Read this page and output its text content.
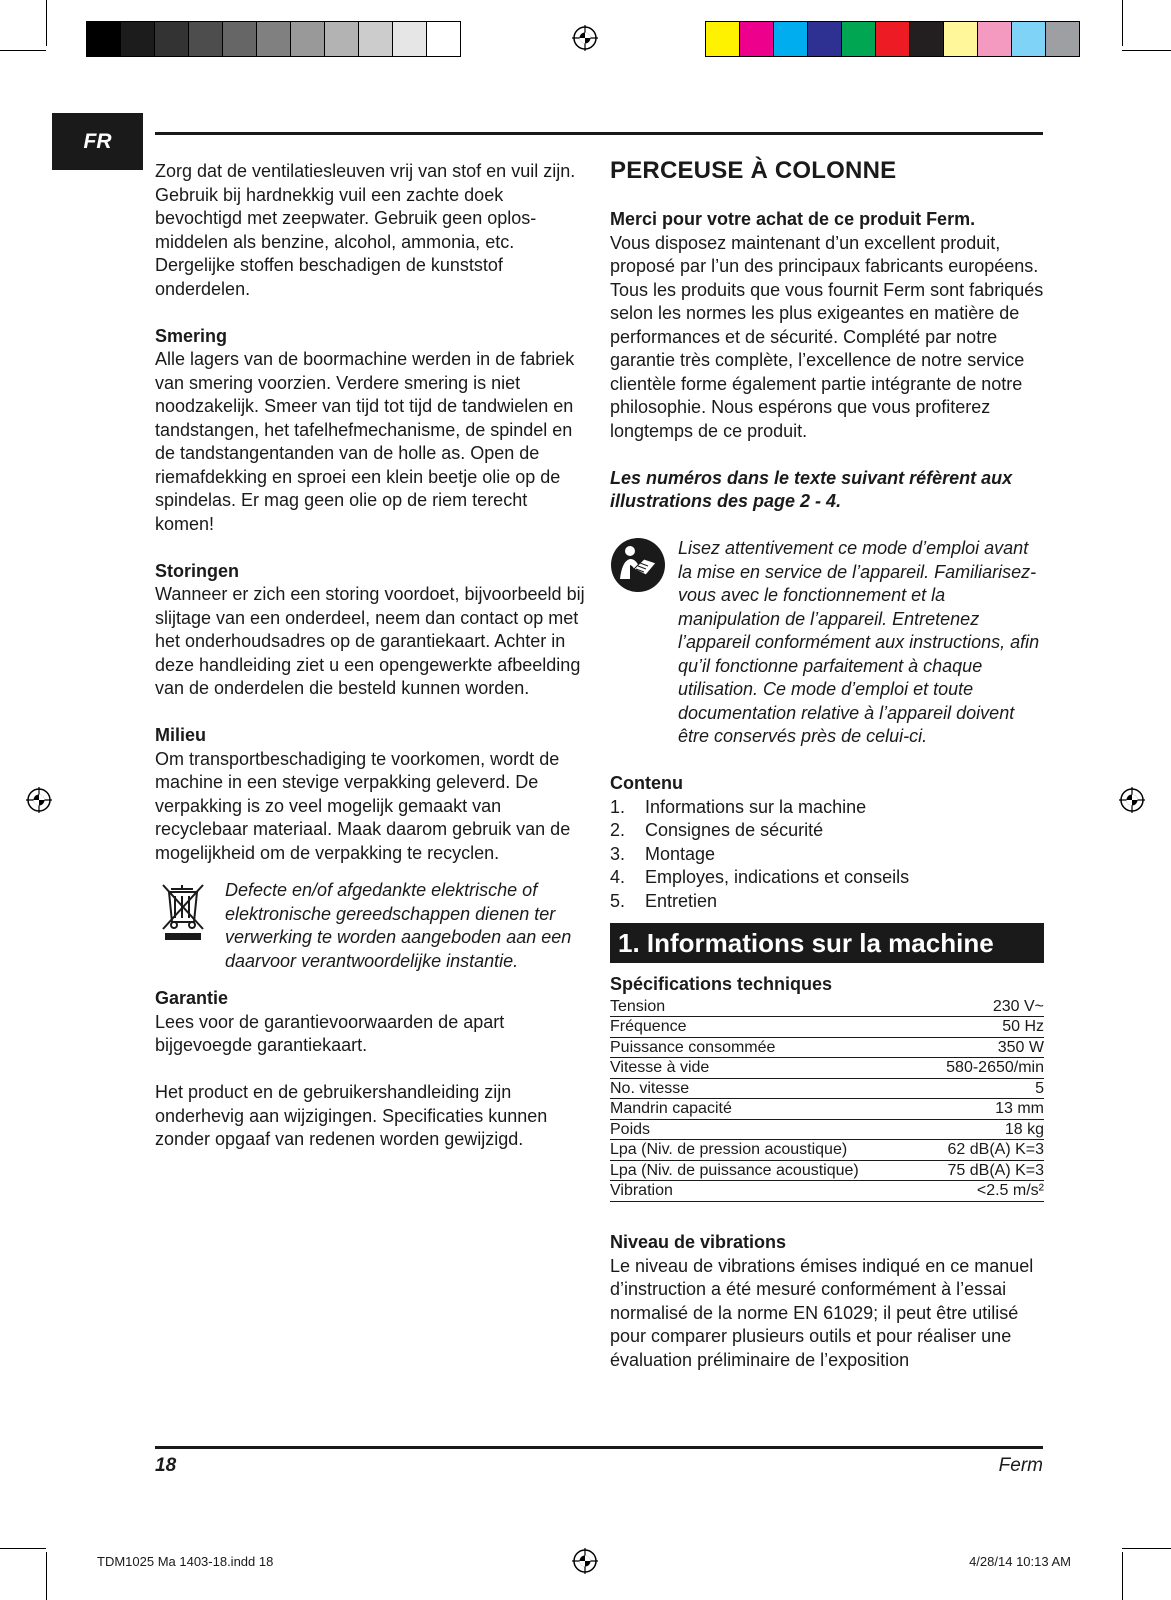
FR

Zorg dat de ventilatiesleuven vrij van stof en vuil zijn.

Gebruik bij hardnekkig vuil een zachte doek bevochtigd met zeepwater. Gebruik geen oplos-middelen als benzine, alcohol, ammonia, etc. Dergelijke stoffen beschadigen de kunststof onderdelen.

Smering

Alle lagers van de boormachine werden in de fabriek van smering voorzien. Verdere smering is niet noodzakelijk. Smeer van tijd tot tijd de tandwielen en tandstangen, het tafelhefmechanisme, de spindel en de tandstangentanden van de holle as. Open de riemafdekking en sproei een klein beetje olie op de spindelas. Er mag geen olie op de riem terecht komen!

Storingen

Wanneer er zich een storing voordoet, bijvoorbeeld bij slijtage van een onderdeel, neem dan contact op met het onderhoudsadres op de garantiekaart. Achter in deze handleiding ziet u een opengewerkte afbeelding van de onderdelen die besteld kunnen worden.

Milieu

Om transportbeschadiging te voorkomen, wordt de machine in een stevige verpakking geleverd. De verpakking is zo veel mogelijk gemaakt van recyclebaar materiaal. Maak daarom gebruik van de mogelijkheid om de verpakking te recyclen.

Defecte en/of afgedankte elektrische of elektronische gereedschappen dienen ter verwerking te worden aangeboden aan een daarvoor verantwoordelijke instantie.

Garantie

Lees voor de garantievoorwaarden de apart bijgevoegde garantiekaart.

Het product en de gebruikershandleiding zijn onderhevig aan wijzigingen. Specificaties kunnen zonder opgaaf van redenen worden gewijzigd.

PERCEUSE À COLONNE

Merci pour votre achat de ce produit Ferm.

Vous disposez maintenant d’un excellent produit, proposé par l’un des principaux fabricants européens. Tous les produits que vous fournit Ferm sont fabriqués selon les normes les plus exigeantes en matière de performances et de sécurité. Complété par notre garantie très complète, l’excellence de notre service clientèle forme également partie intégrante de notre philosophie. Nous espérons que vous profiterez longtemps de ce produit.

Les numéros dans le texte suivant réfèrent aux illustrations des page 2 - 4.

Lisez attentivement ce mode d’emploi avant la mise en service de l’appareil. Familiarisez-vous avec le fonctionnement et la manipulation de l’appareil. Entretenez l’appareil conformément aux instructions, afin qu’il fonctionne parfaitement à chaque utilisation. Ce mode d’emploi et toute documentation relative à l’appareil doivent être conservés près de celui-ci.

Contenu
1.	Informations sur la machine
2.	Consignes de sécurité
3.	Montage
4.	Employes, indications et conseils
5.	Entretien
1. Informations sur la machine
Spécifications techniques
Tension	230 V~
Fréquence	50 Hz
Puissance consommée	350 W
Vitesse à vide	580-2650/min
No. vitesse	5
Mandrin capacité	13 mm
Poids	18 kg
Lpa (Niv. de pression acoustique)	62 dB(A) K=3
Lpa (Niv. de puissance acoustique)	75 dB(A) K=3
Vibration	<2.5 m/s²
Niveau de vibrations

Le niveau de vibrations émises indiqué en ce manuel d’instruction a été mesuré conformément à l’essai normalisé de la norme EN 61029; il peut être utilisé pour comparer plusieurs outils et pour réaliser une évaluation préliminaire de l’exposition

18	Ferm
TDM1025 Ma 1403-18.indd 18	4/28/14 10:13 AM
